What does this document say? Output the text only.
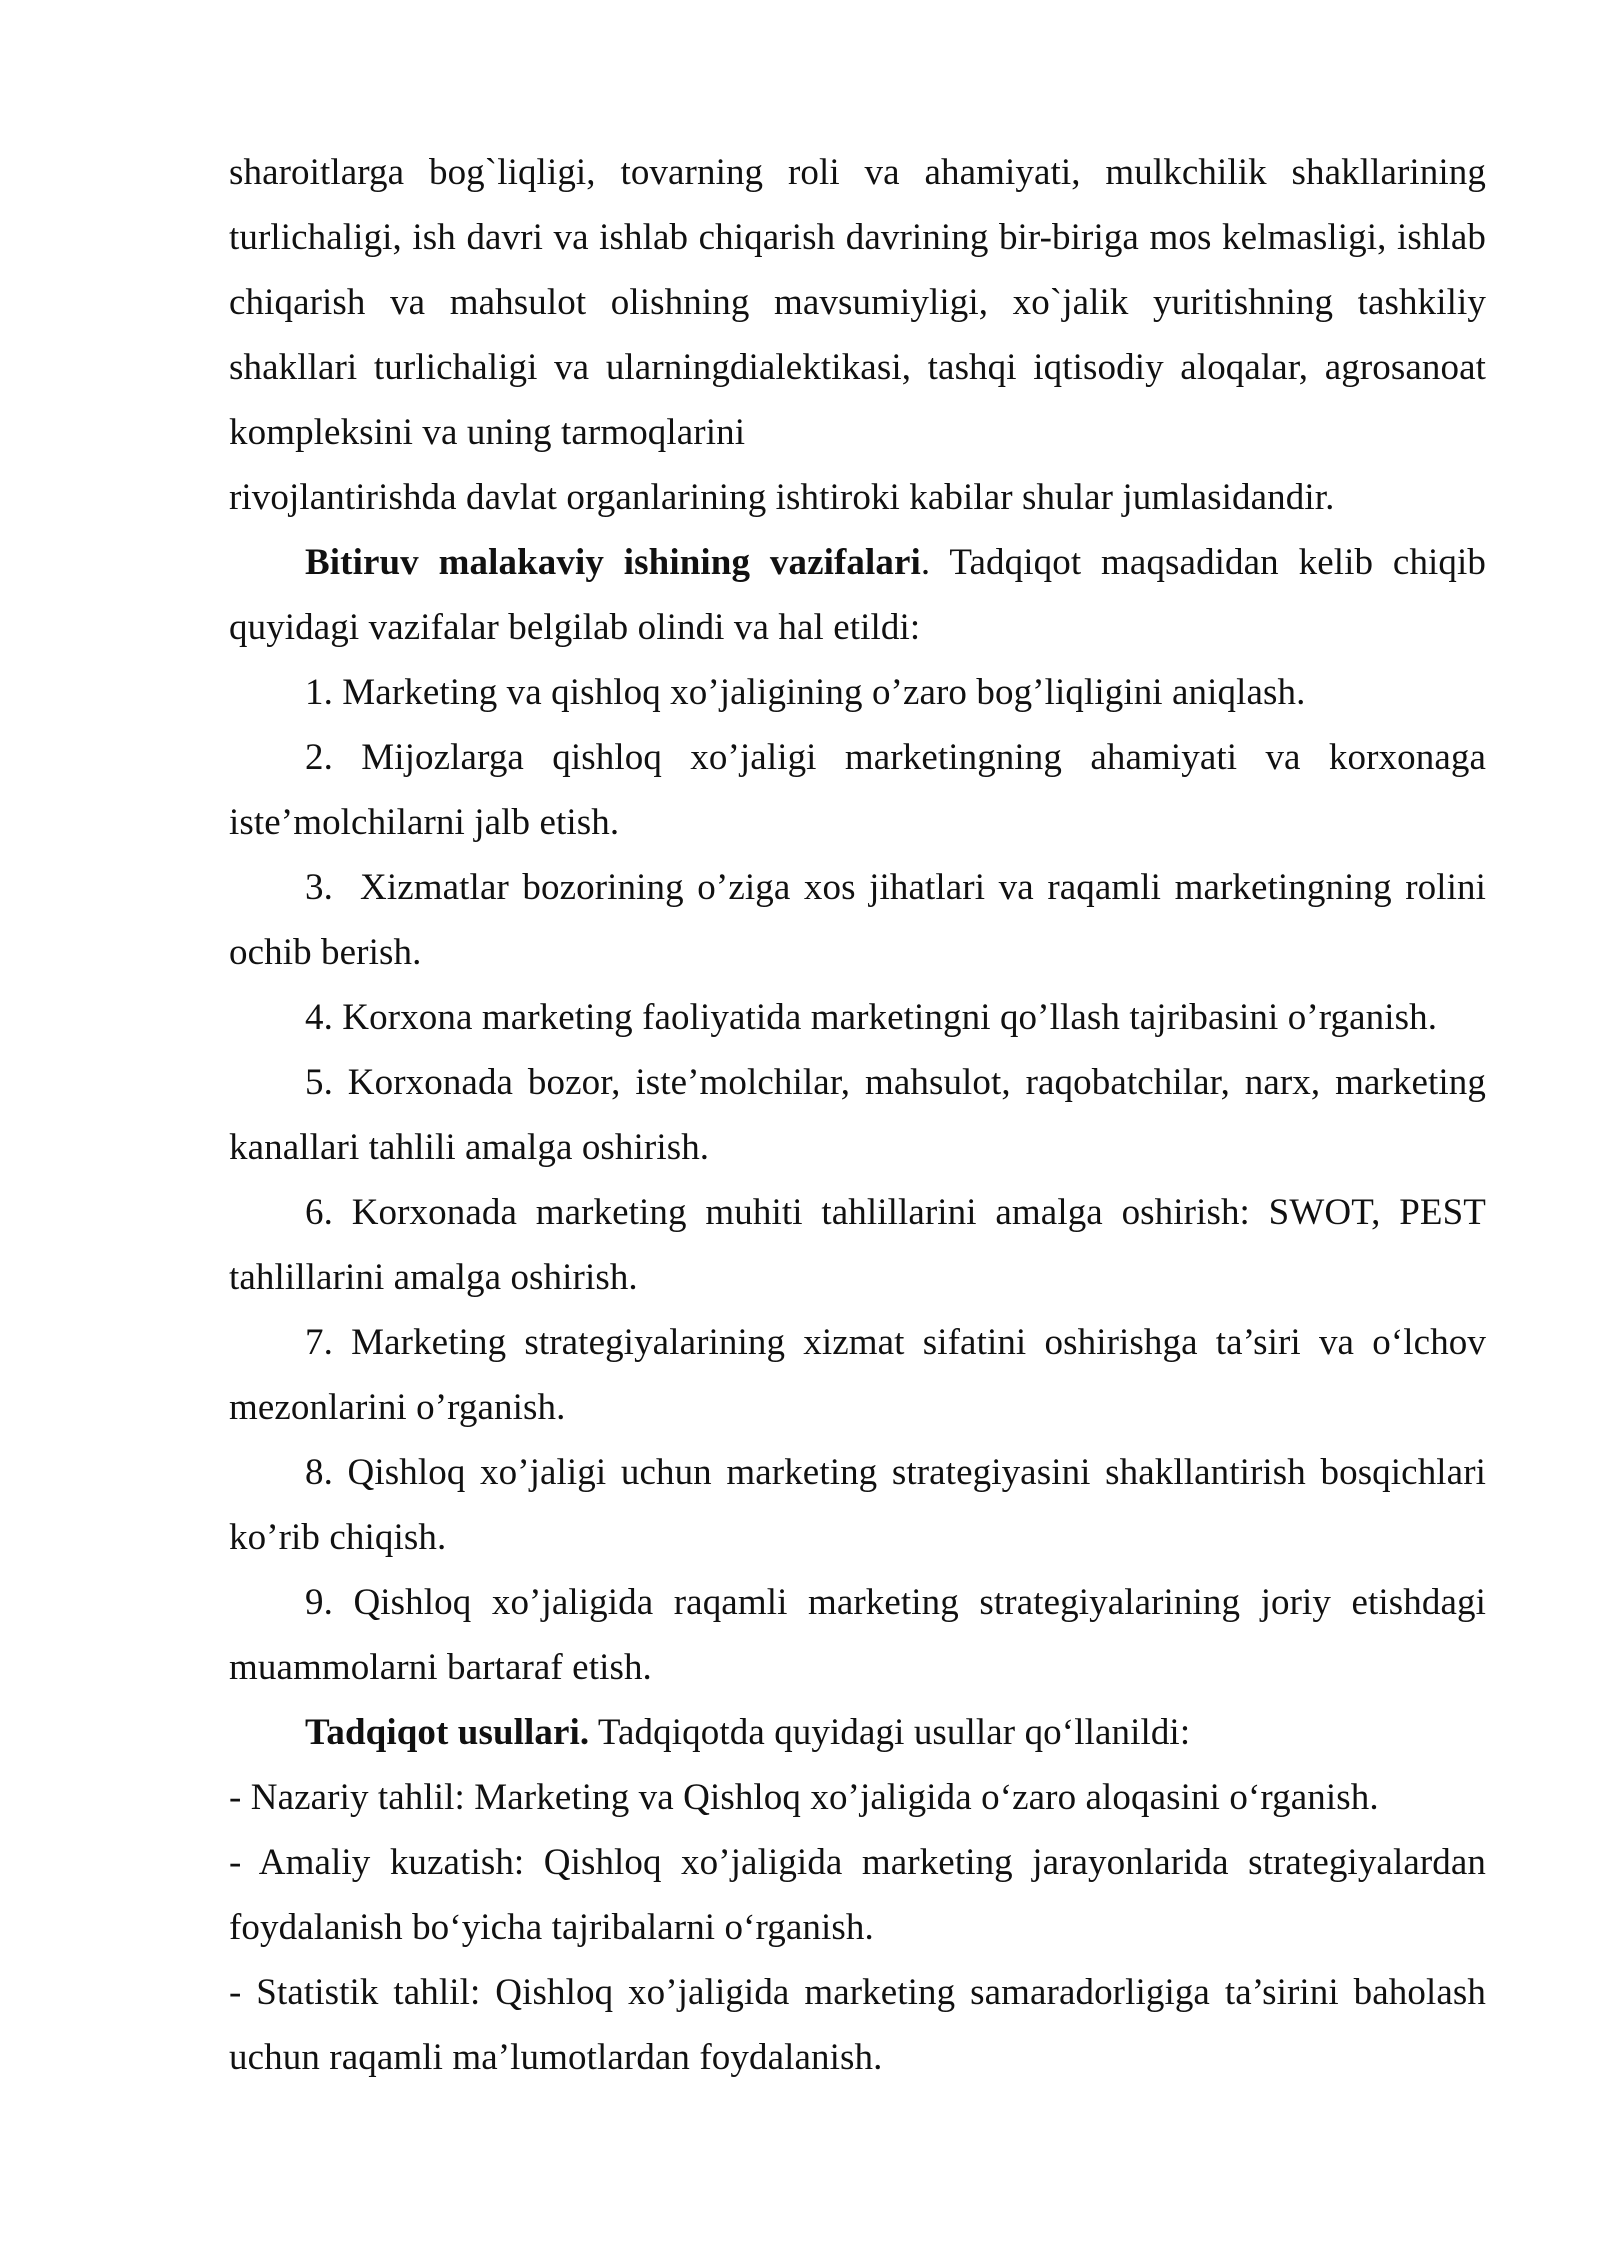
sharoitlarga bog`liqligi, tovarning roli va ahamiyati, mulkchilik shakllarining turlichaligi, ish davri va ishlab chiqarish davrining bir-biriga mos kelmasligi, ishlab chiqarish va mahsulot olishning mavsumiyligi, xo`jalik yuritishning tashkiliy shakllari turlichaligi va ularningdialektikasi, tashqi iqtisodiy aloqalar, agrosanoat kompleksini va uning tarmoqlarini

rivojlantirishda davlat organlarining ishtiroki kabilar shular jumlasidandir.

Bitiruv malakaviy ishining vazifalari. Tadqiqot maqsadidan kelib chiqib quyidagi vazifalar belgilab olindi va hal etildi:

1. Marketing va qishloq xo’jaligining o’zaro bog’liqligini aniqlash.

2. Mijozlarga qishloq xo’jaligi marketingning ahamiyati va korxonaga iste’molchilarni jalb etish.

3.  Xizmatlar bozorining o’ziga xos jihatlari va raqamli marketingning rolini ochib berish.

4. Korxona marketing faoliyatida marketingni qo’llash tajribasini o’rganish.

5. Korxonada bozor, iste’molchilar, mahsulot, raqobatchilar, narx, marketing kanallari tahlili amalga oshirish.

6. Korxonada marketing muhiti tahlillarini amalga oshirish: SWOT, PEST tahlillarini amalga oshirish.

7. Marketing strategiyalarining xizmat sifatini oshirishga ta’siri va o‘lchov mezonlarini o’rganish.

8. Qishloq xo’jaligi uchun marketing strategiyasini shakllantirish bosqichlari ko’rib chiqish.

9. Qishloq xo’jaligida raqamli marketing strategiyalarining joriy etishdagi muammolarni bartaraf etish.

Tadqiqot usullari. Tadqiqotda quyidagi usullar qo‘llanildi:

- Nazariy tahlil: Marketing va Qishloq xo’jaligida o‘zaro aloqasini o‘rganish.

- Amaliy kuzatish: Qishloq xo’jaligida marketing jarayonlarida strategiyalardan foydalanish bo‘yicha tajribalarni o‘rganish.

- Statistik tahlil: Qishloq xo’jaligida marketing samaradorligiga ta’sirini baholash uchun raqamli ma’lumotlardan foydalanish.
